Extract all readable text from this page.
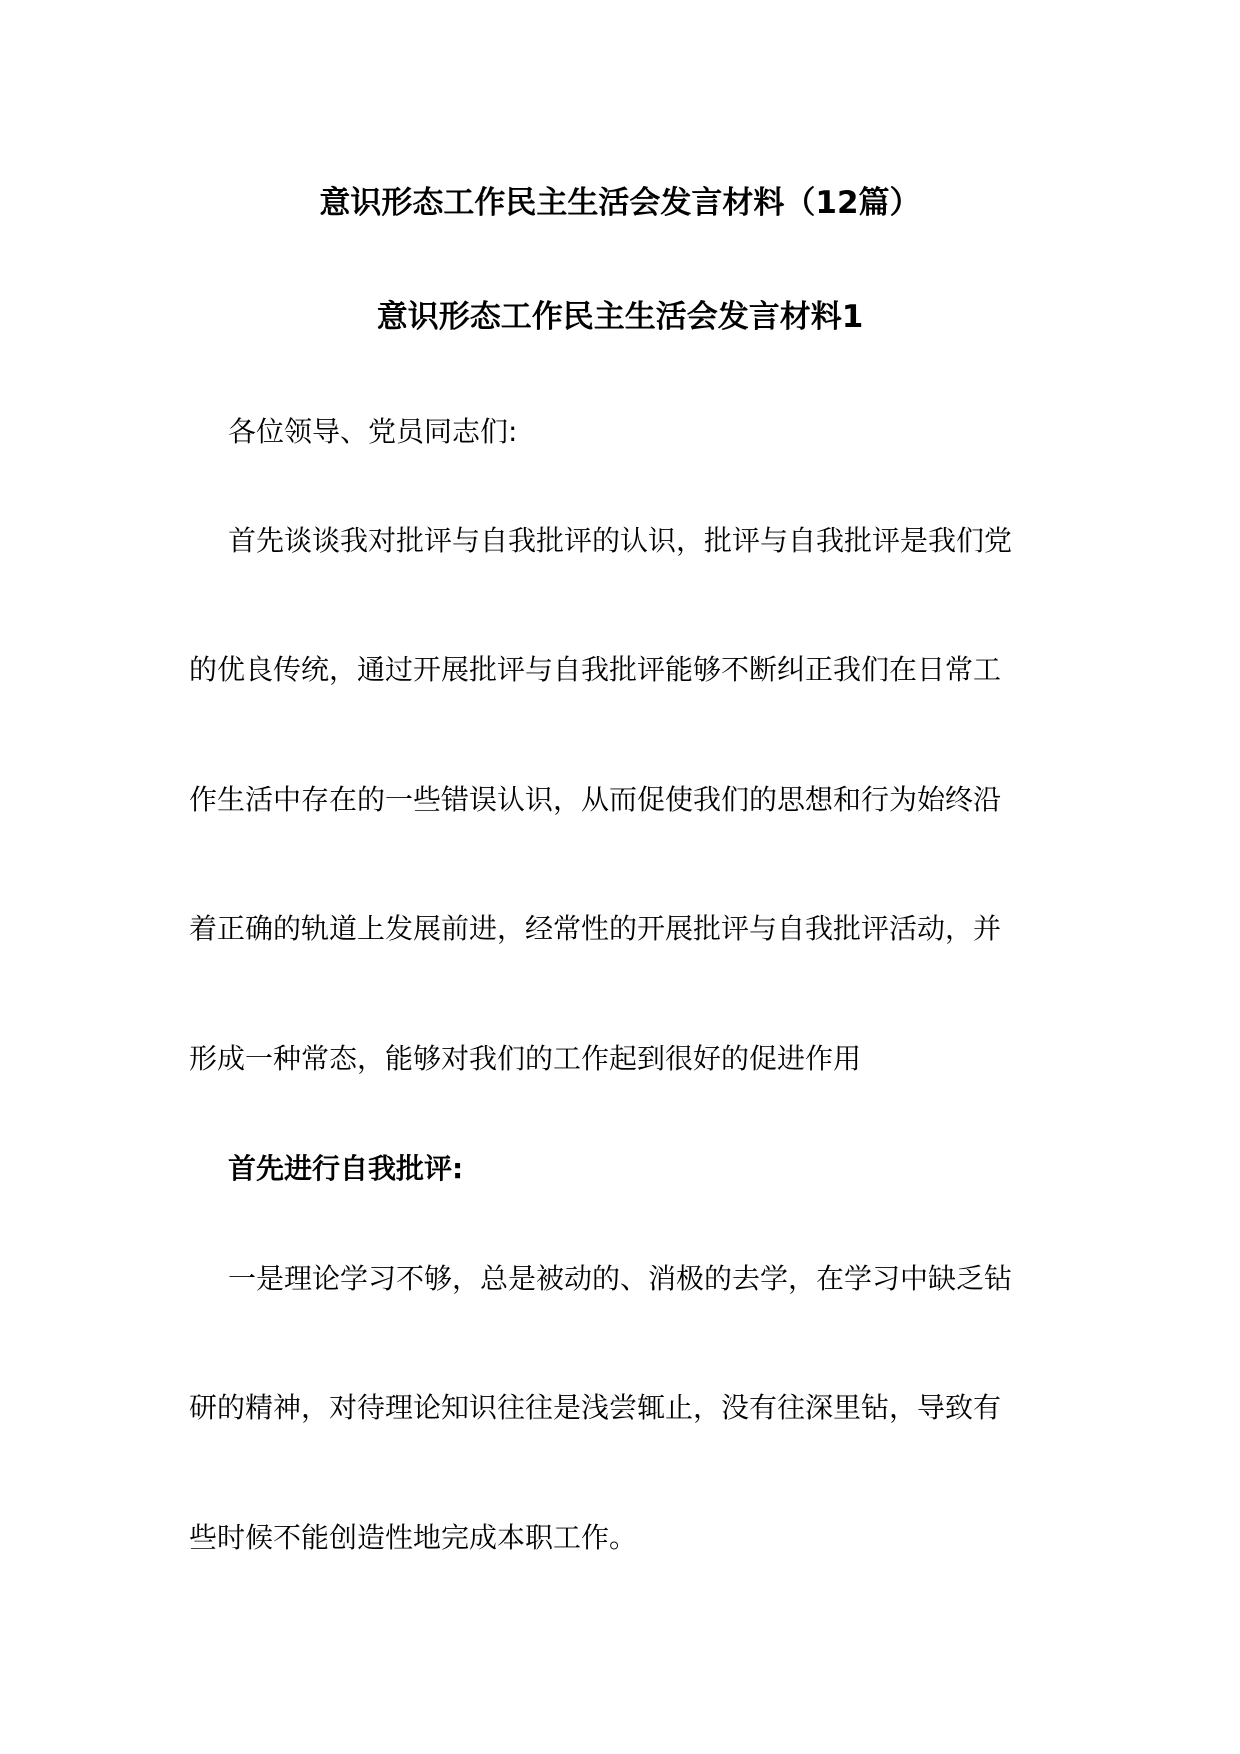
意识形态工作民主生活会发言材料（12篇）
意识形态工作民主生活会发言材料1
各位领导、党员同志们:
首先谈谈我对批评与自我批评的认识，批评与自我批评是我们党
的优良传统，通过开展批评与自我批评能够不断纠正我们在日常工
作生活中存在的一些错误认识，从而促使我们的思想和行为始终沿
着正确的轨道上发展前进，经常性的开展批评与自我批评活动，并
形成一种常态，能够对我们的工作起到很好的促进作用
首先进行自我批评:
一是理论学习不够，总是被动的、消极的去学，在学习中缺乏钻
研的精神，对待理论知识往往是浅尝辄止，没有往深里钻，导致有
些时候不能创造性地完成本职工作。
